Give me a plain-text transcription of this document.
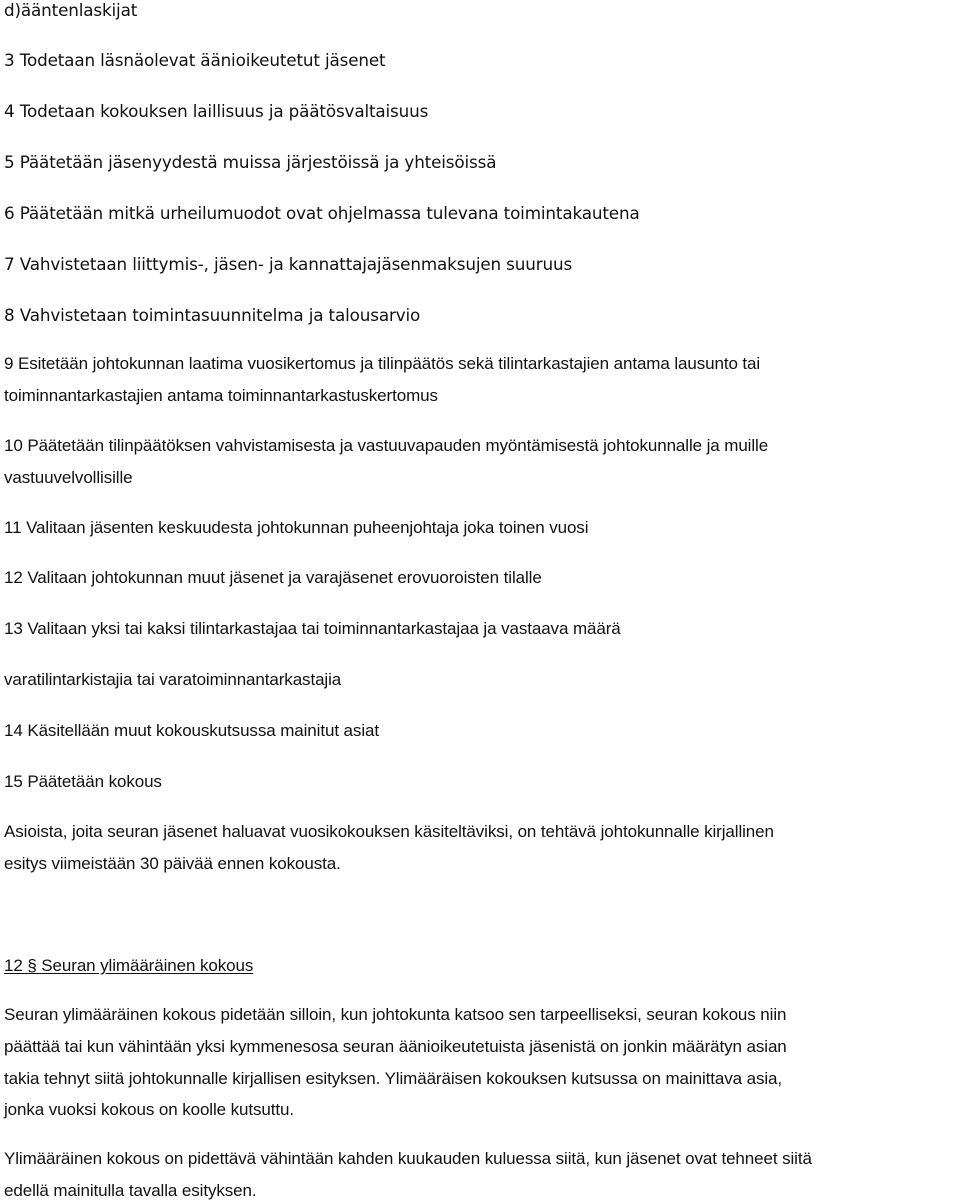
d)ääntenlaskijat
3 Todetaan läsnäolevat äänioikeutetut jäsenet
4 Todetaan kokouksen laillisuus ja päätösvaltaisuus
5 Päätetään jäsenyydestä muissa järjestöissä ja yhteisöissä
6 Päätetään mitkä urheilumuodot ovat ohjelmassa tulevana toimintakautena
7 Vahvistetaan liittymis-, jäsen- ja kannattajajäsenmaksujen suuruus
8 Vahvistetaan toimintasuunnitelma ja talousarvio
9 Esitetään johtokunnan laatima vuosikertomus ja tilinpäätös sekä tilintarkastajien antama lausunto tai
toiminnantarkastajien antama toiminnantarkastuskertomus
10 Päätetään tilinpäätöksen vahvistamisesta ja vastuuvapauden myöntämisestä johtokunnalle ja muille
vastuuvelvollisille
11 Valitaan jäsenten keskuudesta johtokunnan puheenjohtaja joka toinen vuosi
12 Valitaan johtokunnan muut jäsenet ja varajäsenet erovuoroisten tilalle
13 Valitaan yksi tai kaksi tilintarkastajaa tai toiminnantarkastajaa ja vastaava määrä
varatilintarkistajia tai varatoiminnantarkastajia
14 Käsitellään muut kokouskutsussa mainitut asiat
15 Päätetään kokous
Asioista, joita seuran jäsenet haluavat vuosikokouksen käsiteltäviksi, on tehtävä johtokunnalle kirjallinen
esitys viimeistään 30 päivää ennen kokousta.
12 § Seuran ylimääräinen kokous
Seuran ylimääräinen kokous pidetään silloin, kun johtokunta katsoo sen tarpeelliseksi, seuran kokous niin
päättää tai kun vähintään yksi kymmenesosa seuran äänioikeutetuista jäsenistä on jonkin määrätyn asian
takia tehnyt siitä johtokunnalle kirjallisen esityksen. Ylimääräisen kokouksen kutsussa on mainittava asia,
jonka vuoksi kokous on koolle kutsuttu.
Ylimääräinen kokous on pidettävä vähintään kahden kuukauden kuluessa siitä, kun jäsenet ovat tehneet siitä
edellä mainitulla tavalla esityksen.
